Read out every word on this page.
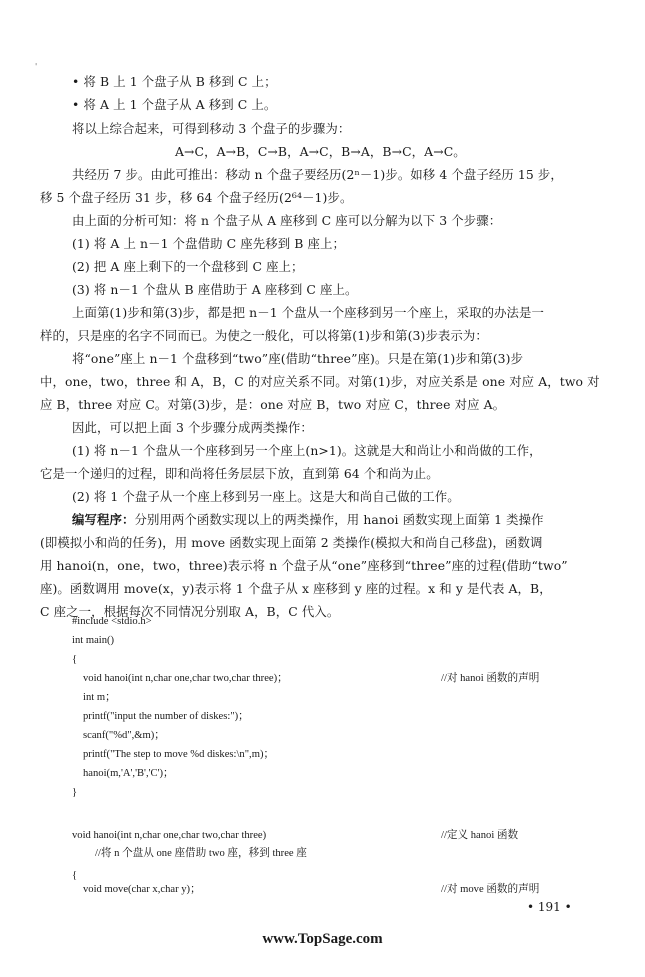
'
• 将 B 上 1 个盘子从 B 移到 C 上；
• 将 A 上 1 个盘子从 A 移到 C 上。
将以上综合起来，可得到移动 3 个盘子的步骤为：
A→C，A→B，C→B，A→C，B→A，B→C，A→C。
共经历 7 步。由此可推出：移动 n 个盘子要经历(2ⁿ－1)步。如移 4 个盘子经历 15 步，
移 5 个盘子经历 31 步，移 64 个盘子经历(2⁶⁴－1)步。
由上面的分析可知：将 n 个盘子从 A 座移到 C 座可以分解为以下 3 个步骤：
(1) 将 A 上 n－1 个盘借助 C 座先移到 B 座上；
(2) 把 A 座上剩下的一个盘移到 C 座上；
(3) 将 n－1 个盘从 B 座借助于 A 座移到 C 座上。
上面第(1)步和第(3)步，都是把 n－1 个盘从一个座移到另一个座上，采取的办法是一
样的，只是座的名字不同而已。为使之一般化，可以将第(1)步和第(3)步表示为：
将“one”座上 n－1 个盘移到“two”座(借助“three”座)。只是在第(1)步和第(3)步
中，one，two，three 和 A，B，C 的对应关系不同。对第(1)步，对应关系是 one 对应 A，two 对
应 B，three 对应 C。对第(3)步，是：one 对应 B，two 对应 C，three 对应 A。
因此，可以把上面 3 个步骤分成两类操作：
(1) 将 n－1 个盘从一个座移到另一个座上(n>1)。这就是大和尚让小和尚做的工作，
它是一个递归的过程，即和尚将任务层层下放，直到第 64 个和尚为止。
(2) 将 1 个盘子从一个座上移到另一座上。这是大和尚自己做的工作。
编写程序：分别用两个函数实现以上的两类操作，用 hanoi 函数实现上面第 1 类操作
(即模拟小和尚的任务)，用 move 函数实现上面第 2 类操作(模拟大和尚自己移盘)，函数调
用 hanoi(n，one，two，three)表示将 n 个盘子从“one”座移到“three”座的过程(借助“two”
座)。函数调用 move(x，y)表示将 1 个盘子从 x 座移到 y 座的过程。x 和 y 是代表 A，B，
C 座之一，根据每次不同情况分别取 A，B，C 代入。
#include <stdio.h>
int main()
{
void hanoi(int n,char one,char two,char three)；	//对 hanoi 函数的声明
int m；
printf("input the number of diskes:")；
scanf("%d",&m)；
printf("The step to move %d diskes:\n",m)；
hanoi(m,'A','B','C')；
}
void hanoi(int n,char one,char two,char three)	//定义 hanoi 函数
//将 n 个盘从 one 座借助 two 座，移到 three 座
{
void move(char x,char y)；	//对 move 函数的声明
• 191 •
www.TopSage.com
